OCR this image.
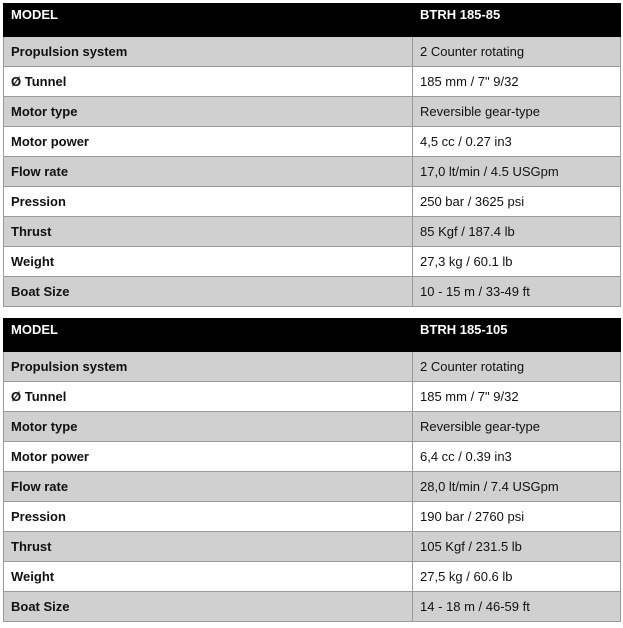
MODEL	BTRH 185-85
Propulsion system	2 Counter rotating
Ø Tunnel	185 mm / 7" 9/32
Motor type	Reversible gear-type
Motor power	4,5 cc / 0.27 in3
Flow rate	17,0 lt/min / 4.5 USGpm
Pression	250 bar / 3625 psi
Thrust	85 Kgf / 187.4 lb
Weight	27,3 kg / 60.1 lb
Boat Size	10 - 15 m / 33-49 ft
MODEL	BTRH 185-105
Propulsion system	2 Counter rotating
Ø Tunnel	185 mm / 7" 9/32
Motor type	Reversible gear-type
Motor power	6,4 cc / 0.39 in3
Flow rate	28,0 lt/min / 7.4 USGpm
Pression	190 bar / 2760 psi
Thrust	105 Kgf / 231.5 lb
Weight	27,5 kg / 60.6 lb
Boat Size	14 - 18 m / 46-59 ft
